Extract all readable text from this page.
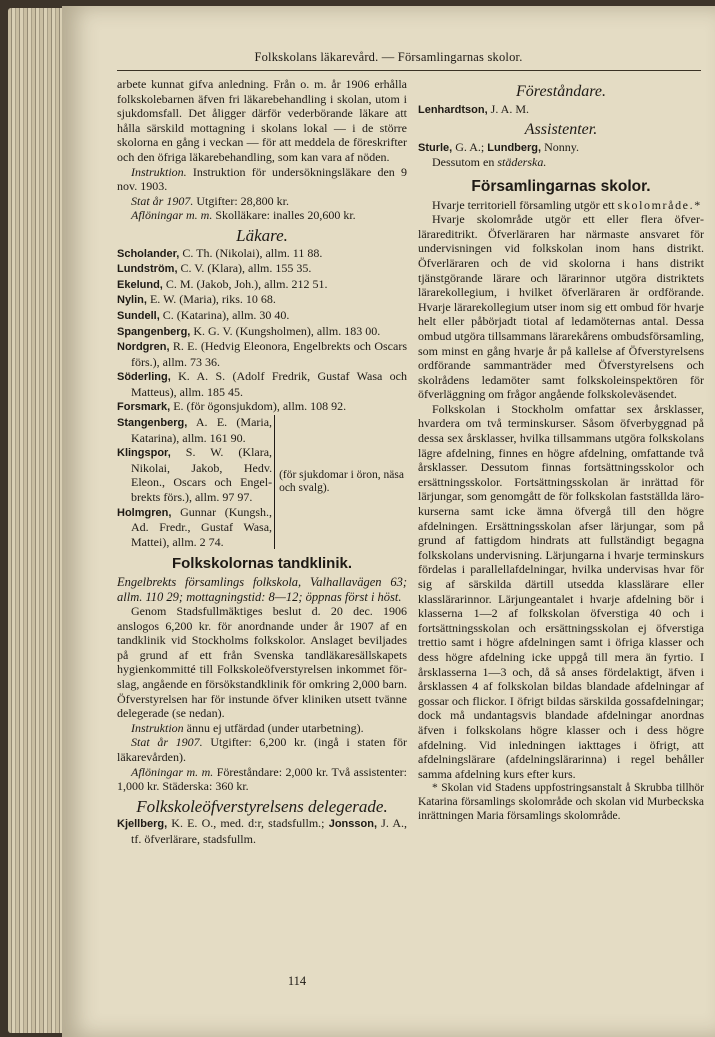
Folkskolans läkarevård. — Församlingarnas skolor.

arbete kunnat gifva anledning. Från o. m. år 1906 erhålla folkskolebarnen äfven fri läkarebehandling i skolan, utom i sjukdomsfall. Det åligger därför vederbörande läkare att hålla särskild mottagning i skolans lokal — i de större skolorna en gång i veckan — för att meddela de föreskrifter och den öfriga läkarebehandling, som kan vara af nöden.

Instruktion. Instruktion för undersökningsläkare den 9 nov. 1903.

Stat år 1907. Utgifter: 28,800 kr.

Aflöningar m. m. Skolläkare: inalles 20,600 kr.

Läkare.

Scholander, C. Th. (Nikolai), allm. 11 88.

Lundström, C. V. (Klara), allm. 155 35.

Ekelund, C. M. (Jakob, Joh.), allm. 212 51.

Nylin, E. W. (Maria), riks. 10 68.

Sundell, C. (Katarina), allm. 30 40.

Spangenberg, K. G. V. (Kungsholmen), allm. 183 00.

Nordgren, R. E. (Hedvig Eleonora, Engelbrekts och Oscars förs.), allm. 73 36.

Söderling, K. A. S. (Adolf Fredrik, Gustaf Wasa och Matteus), allm. 185 45.

Forsmark, E. (för ögonsjukdom), allm. 108 92.

Stangenberg, A. E. (Maria, Katarina), allm. 161 90.

Klingspor, S. W. (Klara, Nikolai, Jakob, Hedv. Eleon., Oscars och Engelbrekts förs.), allm. 97 97.

Holmgren, Gunnar (Kungsh., Ad. Fredr., Gustaf Wasa, Mattei), allm. 2 74.

(för sjukdomar i öron, näsa och svalg).
Folkskolornas tandklinik.

Engelbrekts församlings folkskola, Valhallavägen 63; allm. 110 29; mottagningstid: 8—12; öppnas först i höst.

Genom Stadsfullmäktiges beslut d. 20 dec. 1906 anslogos 6,200 kr. för anordnande under år 1907 af en tandklinik vid Stockholms folkskolor. Anslaget beviljades på grund af ett från Svenska tandläkaresällskapets hygienkommitté till Folkskoleöfverstyrelsen inkommet förslag, angående en försökstandklinik för omkring 2,000 barn. Öfverstyrelsen har för instunde öfver kliniken utsett tvänne delegerade (se nedan).

Instruktion ännu ej utfärdad (under utarbetning).

Stat år 1907. Utgifter: 6,200 kr. (ingå i staten för läkarevården).

Aflöningar m. m. Föreståndare: 2,000 kr. Två assistenter: 1,000 kr. Städerska: 360 kr.

Folkskoleöfverstyrelsens delegerade.

Kjellberg, K. E. O., med. d:r, stadsfullm.; Jonsson, J. A., tf. öfverlärare, stadsfullm.

Föreståndare.

Lenhardtson, J. A. M.

Assistenter.

Sturle, G. A.; Lundberg, Nonny.

Dessutom en städerska.

Församlingarnas skolor.

Hvarje territoriell församling utgör ett skolområde.*

Hvarje skolområde utgör ett eller flera öfverlärareditrikt. Öfverläraren har närmaste ansvaret för undervisningen vid folkskolan inom hans distrikt. Öfverläraren och de vid skolorna i hans distrikt tjänstgörande lärare och lärarinnor utgöra distriktets lärarekollegium, i hvilket öfverläraren är ordförande. Hvarje lärarekollegium utser inom sig ett ombud för hvarje helt eller påbörjadt tiotal af ledamöternas antal. Dessa ombud utgöra tillsammans lärarekårens ombudsförsamling, som minst en gång hvarje år på kallelse af Öfverstyrelsens ordförande sammanträder med Öfverstyrelsens och skolrådens ledamöter samt folkskoleinspektören för öfverläggning om frågor angående folkskoleväsendet.

Folkskolan i Stockholm omfattar sex årsklasser, hvardera om två terminskurser. Såsom öfverbyggnad på dessa sex årsklasser, hvilka tillsammans utgöra folkskolans lägre afdelning, finnes en högre afdelning, omfattande två årsklasser. Dessutom finnas fortsättningsskolor och ersättningsskolor. Fortsättningsskolan är inrättad för lärjungar, som genomgått de för folkskolan fastställda lärokurserna samt icke ämna öfvergå till den högre afdelningen. Ersättningsskolan afser lärjungar, som på grund af fattigdom hindrats att fullständigt begagna folkskolans undervisning. Lärjungarna i hvarje terminskurs fördelas i parallellafdelningar, hvilka undervisas hvar för sig af särskilda därtill utsedda klasslärare eller klasslärarinnor. Lärjungeantalet i hvarje afdelning bör i klasserna 1—2 af folkskolan öfverstiga 40 och i fortsättningsskolan och ersättningsskolan ej öfverstiga trettio samt i högre afdelningen samt i öfriga klasser och dess högre afdelning icke uppgå till mera än fyrtio. I årsklasserna 1—3 och, då så anses fördelaktigt, äfven i årsklassen 4 af folkskolan bildas blandade afdelningar af gossar och flickor. I öfrigt bildas särskilda gossafdelningar; dock må undantagsvis blandade afdelningar anordnas äfven i folkskolans högre klasser och i dess högre afdelning. Vid inledningen iakttages i öfrigt, att afdelningslärare (afdelningslärarinna) i regel behåller samma afdelning kurs efter kurs.

* Skolan vid Stadens uppfostringsanstalt å Skrubba tillhör Katarina församlings skolområde och skolan vid Murbeckska inrättningen Maria församlings skolområde.

114
